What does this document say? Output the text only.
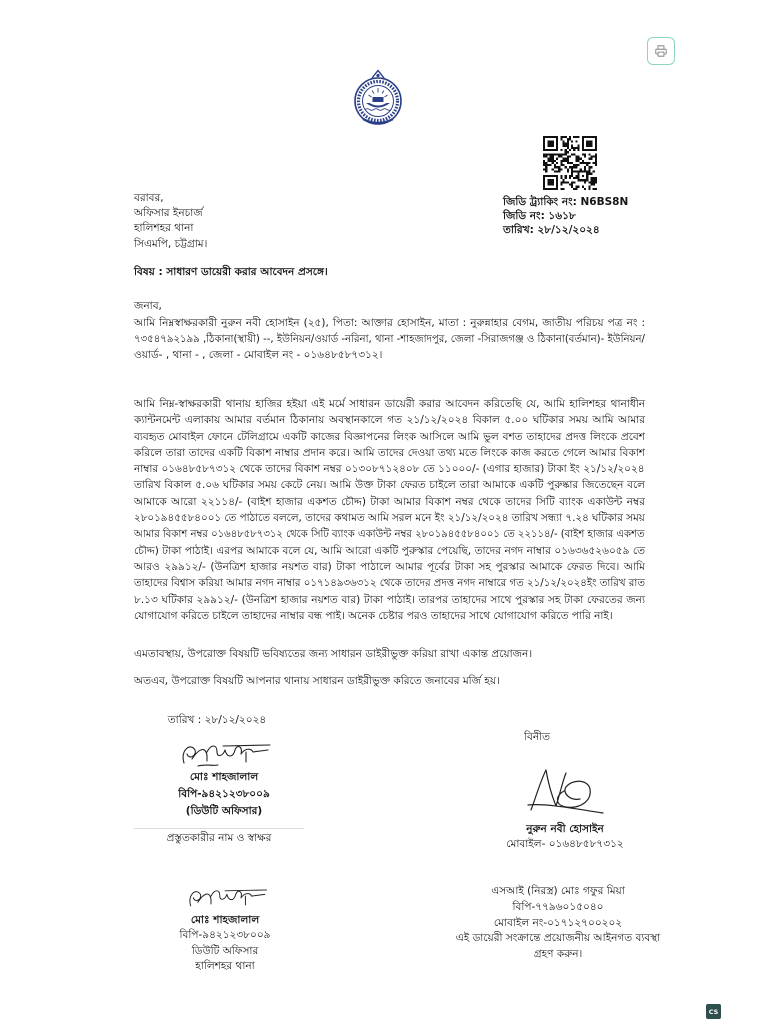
বরাবর,
অফিসার ইনচার্জ
হালিশহর থানা
সিএমপি, চট্টগ্রাম।
জিডি ট্র্যাকিং নং: N6BS8N
জিডি নং: ১৬১৮
তারিখ: ২৮/১২/২০২৪
বিষয় : সাধারণ ডায়েরী করার আবেদন প্রসঙ্গে।
জনাব,
আমি নিম্নস্বাক্ষরকারী নুরুন নবী হোসাইন (২৫), পিতা: আক্তার হোসাইন, মাতা : নুরুন্নাহার বেগম, জাতীয় পরিচয় পত্র নং :
৭৩৫৪৭৯২১৯৯ ,ঠিকানা(স্থায়ী) --, ইউনিয়ন/ওয়ার্ড -নরিনা, থানা -শাহজাদপুর, জেলা -সিরাজগঞ্জ ও ঠিকানা(বর্তমান)- ইউনিয়ন/
ওয়ার্ড- , থানা - , জেলা - মোবাইল নং - ০১৬৪৮৫৮৭৩১২।
আমি নিম্ন-স্বাক্ষরকারী থানায় হাজির হইয়া এই মর্মে সাধারন ডায়েরী করার আবেদন করিতেছি যে, আমি হালিশহর থানাধীন
ক্যান্টনমেন্ট এলাকায় আমার বর্তমান ঠিকানায় অবস্থানকালে গত ২১/১২/২০২৪ বিকাল ৫.০০ ঘটিকার সময় আমি আমার
ব্যবহৃত মোবাইল ফোনে টেলিগ্রামে একটি কাজের বিজ্ঞাপনের লিংক আসিলে আমি ভুল বশত তাহাদের প্রদত্ত লিংকে প্রবেশ
করিলে তারা তাদের একটি বিকাশ নাম্বার প্রদান করে। আমি তাদের দেওয়া তথ্য মতে লিংকে কাজ করতে গেলে আমার বিকাশ
নাম্বার ০১৬৪৮৫৮৭৩১২ থেকে তাদের বিকাশ নম্বর ০১৩০৮৭১২৪০৮ তে ১১০০০/- (এগার হাজার) টাকা ইং ২১/১২/২০২৪
তারিখ বিকাল ৫.০৬ ঘটিকার সময় কেটে নেয়। আমি উক্ত টাকা ফেরত চাইলে তারা আমাকে একটি পুরুষ্কার জিতেছেন বলে
আমাকে আরো ২২১১৪/- (বাইশ হাজার একশত চৌদ্দ) টাকা আমার বিকাশ নম্বর থেকে তাদের সিটি ব্যাংক একাউন্ট নম্বর
২৮০১৯৪৫৫৮৪০০১ তে পাঠাতে বললে, তাদের কথামত আমি সরল মনে ইং ২১/১২/২০২৪ তারিখ সন্ধ্যা ৭.২৪ ঘটিকার সময়
আমার বিকাশ নম্বর ০১৬৪৮৫৮৭৩১২ থেকে সিটি ব্যাংক একাউন্ট নম্বর ২৮০১৯৪৫৫৮৪০০১ তে ২২১১৪/- (বাইশ হাজার একশত
চৌদ্দ) টাকা পাঠাই। এরপর আমাকে বলে যে, আমি আরো একটি পুরুস্কার পেয়েছি, তাদের নগদ নাম্বার ০১৬৩৬৫২৬০৫৯ তে
আরও ২৯৯১২/- (উনত্রিশ হাজার নয়শত বার) টাকা পাঠালে আমার পূর্বের টাকা সহ পুরস্কার আমাকে ফেরত দিবে। আমি
তাহাদের বিশ্বাস করিয়া আমার নগদ নাম্বার ০১৭১৪৯৩৬৩১২ থেকে তাদের প্রদত্ত নগদ নাম্বারে গত ২১/১২/২০২৪ইং তারিখ রাত
৮.১৩ ঘটিকার ২৯৯১২/- (উনত্রিশ হাজার নয়শত বার) টাকা পাঠাই। তারপর তাহাদের সাথে পুরস্কার সহ টাকা ফেরতের জন্য
যোগাযোগ করিতে চাইলে তাহাদের নাম্বার বন্ধ পাই। অনেক চেষ্টার পরও তাহাদের সাথে যোগাযোগ করিতে পারি নাই।
এমতাবস্থায়, উপরোক্ত বিষয়টি ভবিষ্যতের জন্য সাধারন ডাইরীভুক্ত করিয়া রাখা একান্ত প্রয়োজন।
অতএব, উপরোক্ত বিষয়টি আপনার থানায় সাধারন ডাইরীভুক্ত করিতে জনাবের মর্জি হয়।
তারিখ : ২৮/১২/২০২৪
মোঃ শাহজালাল
বিপি-৯৪২১২৩৮০০৯
(ডিউটি অফিসার)
প্রস্তুতকারীর নাম ও স্বাক্ষর
বিনীত
নুরুন নবী হোসাইন
মোবাইল- ০১৬৪৮৫৮৭৩১২
মোঃ শাহজালাল
বিপি-৯৪২১২৩৮০০৯
ডিউটি অফিসার
হালিশহর থানা
এসআই (নিরস্ত্র) মোঃ গফুর মিয়া
বিপি-৭৭৯৬০১৫০৪০
মোবাইল নং-০১৭১২৭০০২০২
এই ডায়েরী সংক্রান্তে প্রয়োজনীয় আইনগত ব্যবস্থা
গ্রহণ করুন।
CS
